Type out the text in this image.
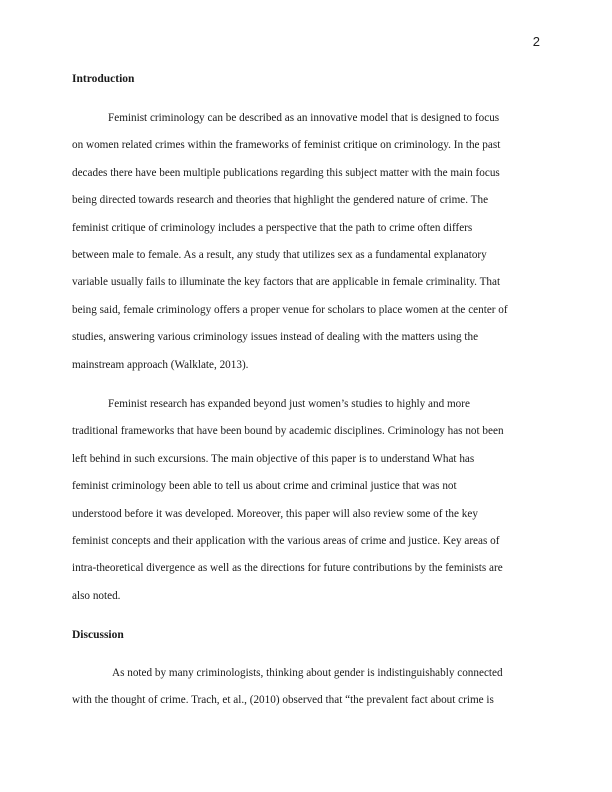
2
Introduction
Feminist criminology can be described as an innovative model that is designed to focus
on women related crimes within the frameworks of feminist critique on criminology. In the past
decades there have been multiple publications regarding this subject matter with the main focus
being directed towards research and theories that highlight the gendered nature of crime. The
feminist critique of criminology includes a perspective that the path to crime often differs
between male to female. As a result, any study that utilizes sex as a fundamental explanatory
variable usually fails to illuminate the key factors that are applicable in female criminality. That
being said, female criminology offers a proper venue for scholars to place women at the center of
studies, answering various criminology issues instead of dealing with the matters using the
mainstream approach (Walklate, 2013).
Feminist research has expanded beyond just women’s studies to highly and more
traditional frameworks that have been bound by academic disciplines. Criminology has not been
left behind in such excursions. The main objective of this paper is to understand What has
feminist criminology been able to tell us about crime and criminal justice that was not
understood before it was developed. Moreover, this paper will also review some of the key
feminist concepts and their application with the various areas of crime and justice. Key areas of
intra-theoretical divergence as well as the directions for future contributions by the feminists are
also noted.
Discussion
As noted by many criminologists, thinking about gender is indistinguishably connected
with the thought of crime. Trach, et al., (2010) observed that “the prevalent fact about crime is
